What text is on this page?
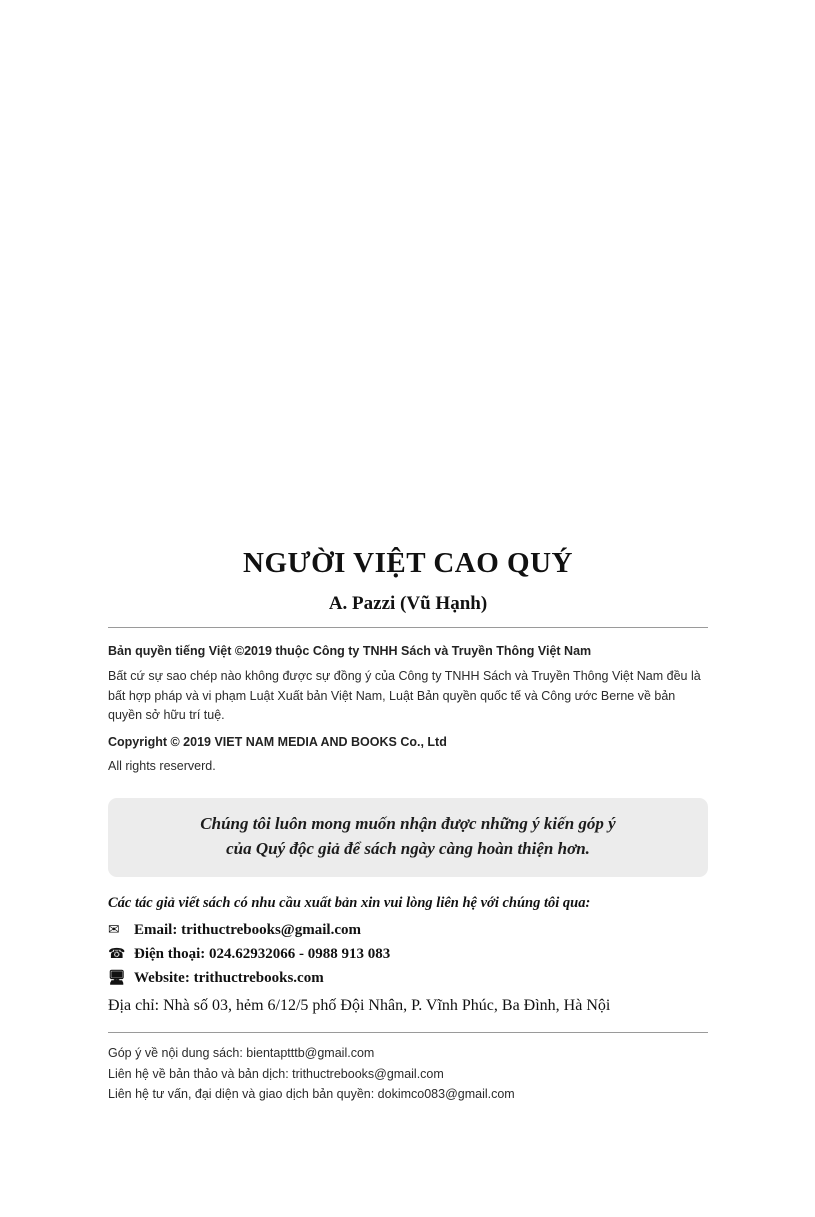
NGƯỜI VIỆT CAO QUÝ
A. Pazzi (Vũ Hạnh)

Bản quyền tiếng Việt ©2019 thuộc Công ty TNHH Sách và Truyền Thông Việt Nam

Bất cứ sự sao chép nào không được sự đồng ý của Công ty TNHH Sách và Truyền Thông Việt Nam đều là bất hợp pháp và vi phạm Luật Xuất bản Việt Nam, Luật Bản quyền quốc tế và Công ước Berne về bản quyền sở hữu trí tuệ.

Copyright © 2019 VIET NAM MEDIA AND BOOKS Co., Ltd

All rights reserverd.

Chúng tôi luôn mong muốn nhận được những ý kiến góp ý
của Quý độc giả để sách ngày càng hoàn thiện hơn.

Các tác giả viết sách có nhu cầu xuất bản xin vui lòng liên hệ với chúng tôi qua:

✉ Email: trithuctrebooks@gmail.com
☎ Điện thoại: 024.62932066 - 0988 913 083
🖥 Website: trithuctrebooks.com

Địa chỉ: Nhà số 03, hẻm 6/12/5 phố Đội Nhân, P. Vĩnh Phúc, Ba Đình, Hà Nội

Góp ý về nội dung sách: bientaptttb@gmail.com

Liên hệ về bản thảo và bản dịch: trithuctrebooks@gmail.com

Liên hệ tư vấn, đại diện và giao dịch bản quyền: dokimco083@gmail.com
